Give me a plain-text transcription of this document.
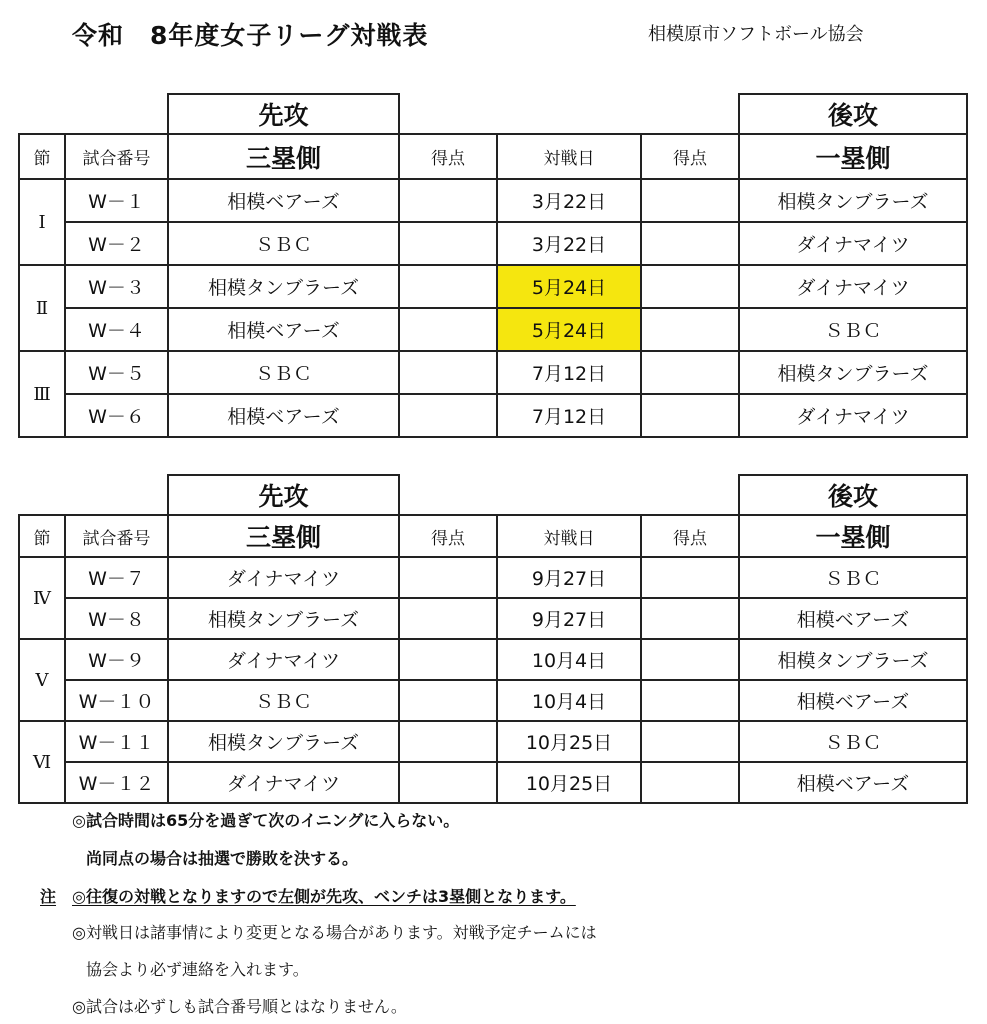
令和　8年度女子リーグ対戦表	相模原市ソフトボール協会
		先攻				後攻
節	試合番号	三塁側	得点	対戦日	得点	一塁側
Ⅰ	W－１	相模ベアーズ		3月22日		相模タンブラーズ
	W－２	ＳＢＣ		3月22日		ダイナマイツ
Ⅱ	W－３	相模タンブラーズ		5月24日		ダイナマイツ
	W－４	相模ベアーズ		5月24日		ＳＢＣ
Ⅲ	W－５	ＳＢＣ		7月12日		相模タンブラーズ
	W－６	相模ベアーズ		7月12日		ダイナマイツ
		先攻				後攻
節	試合番号	三塁側	得点	対戦日	得点	一塁側
Ⅳ	W－７	ダイナマイツ		9月27日		ＳＢＣ
	W－８	相模タンブラーズ		9月27日		相模ベアーズ
Ⅴ	W－９	ダイナマイツ		10月4日		相模タンブラーズ
	W－１０	ＳＢＣ		10月4日		相模ベアーズ
Ⅵ	W－１１	相模タンブラーズ		10月25日		ＳＢＣ
	W－１２	ダイナマイツ		10月25日		相模ベアーズ
◎試合時間は65分を過ぎて次のイニングに入らない。
尚同点の場合は抽選で勝敗を決する。
注 ◎往復の対戦となりますので左側が先攻、ベンチは3塁側となります。
◎対戦日は諸事情により変更となる場合があります。対戦予定チームには
協会より必ず連絡を入れます。
◎試合は必ずしも試合番号順とはなりません。
